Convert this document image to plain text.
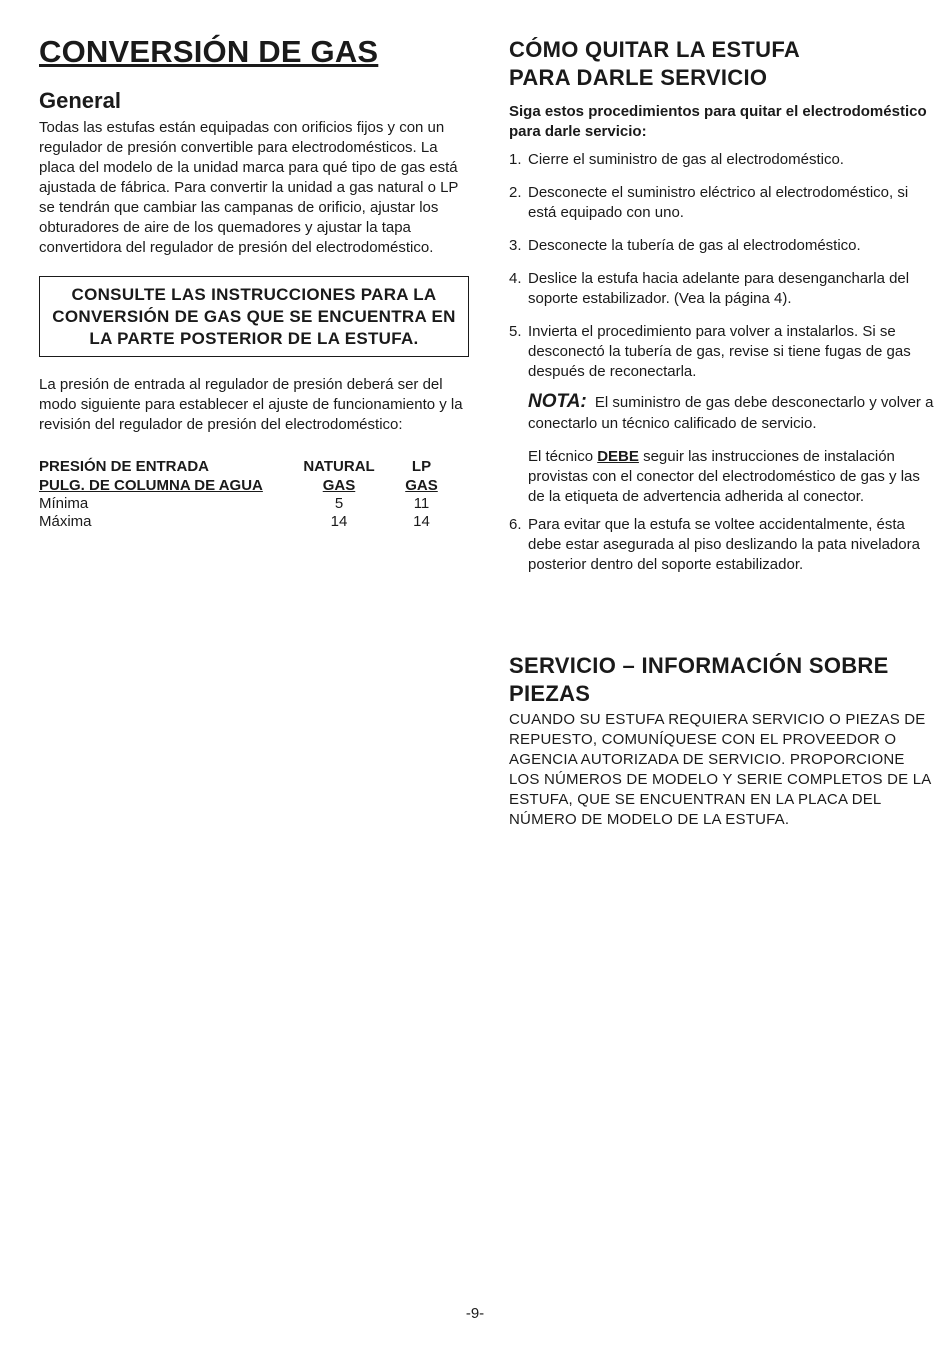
CONVERSIÓN DE GAS
General

Todas las estufas están equipadas con orificios fijos y con un regulador de presión convertible para electrodomésticos. La placa del modelo de la unidad marca para qué tipo de gas está ajustada de fábrica. Para convertir la unidad a gas natural o LP se tendrán que cambiar las campanas de orificio, ajustar los obturadores de aire de los quemadores y ajustar la tapa convertidora del regulador de presión del electrodoméstico.

CONSULTE LAS INSTRUCCIONES PARA LA CONVERSIÓN DE GAS QUE SE ENCUENTRA EN LA PARTE POSTERIOR DE LA ESTUFA.

La presión de entrada al regulador de presión deberá ser del modo siguiente para establecer el ajuste de funcionamiento y la revisión del regulador de presión del electrodoméstico:

PRESIÓN DE ENTRADA	NATURAL	LP
PULG. DE COLUMNA DE AGUA	GAS	GAS
Mínima	5	11
Máxima	14	14
CÓMO QUITAR LA ESTUFA
PARA DARLE SERVICIO

Siga estos procedimientos para quitar el electrodoméstico para darle servicio:

1. Cierre el suministro de gas al electrodoméstico.
2. Desconecte el suministro eléctrico al electrodoméstico, si está equipado con uno.
3. Desconecte la tubería de gas al electrodoméstico.
4. Deslice la estufa hacia adelante para desengancharla del soporte estabilizador. (Vea la página 4).
5. Invierta el procedimiento para volver a instalarlos. Si se desconectó la tubería de gas, revise si tiene fugas de gas después de reconectarla.

NOTA: El suministro de gas debe desconectarlo y volver a conectarlo un técnico calificado de servicio.

El técnico DEBE seguir las instrucciones de instalación provistas con el conector del electrodoméstico de gas y las de la etiqueta de advertencia adherida al conector.

6. Para evitar que la estufa se voltee accidentalmente, ésta debe estar asegurada al piso deslizando la pata niveladora posterior dentro del soporte estabilizador.
SERVICIO – INFORMACIÓN SOBRE PIEZAS

CUANDO SU ESTUFA REQUIERA SERVICIO O PIEZAS DE REPUESTO, COMUNÍQUESE CON EL PROVEEDOR O AGENCIA AUTORIZADA DE SERVICIO. PROPORCIONE LOS NÚMEROS DE MODELO Y SERIE COMPLETOS DE LA ESTUFA, QUE SE ENCUENTRAN EN LA PLACA DEL NÚMERO DE MODELO DE LA ESTUFA.

-9-
